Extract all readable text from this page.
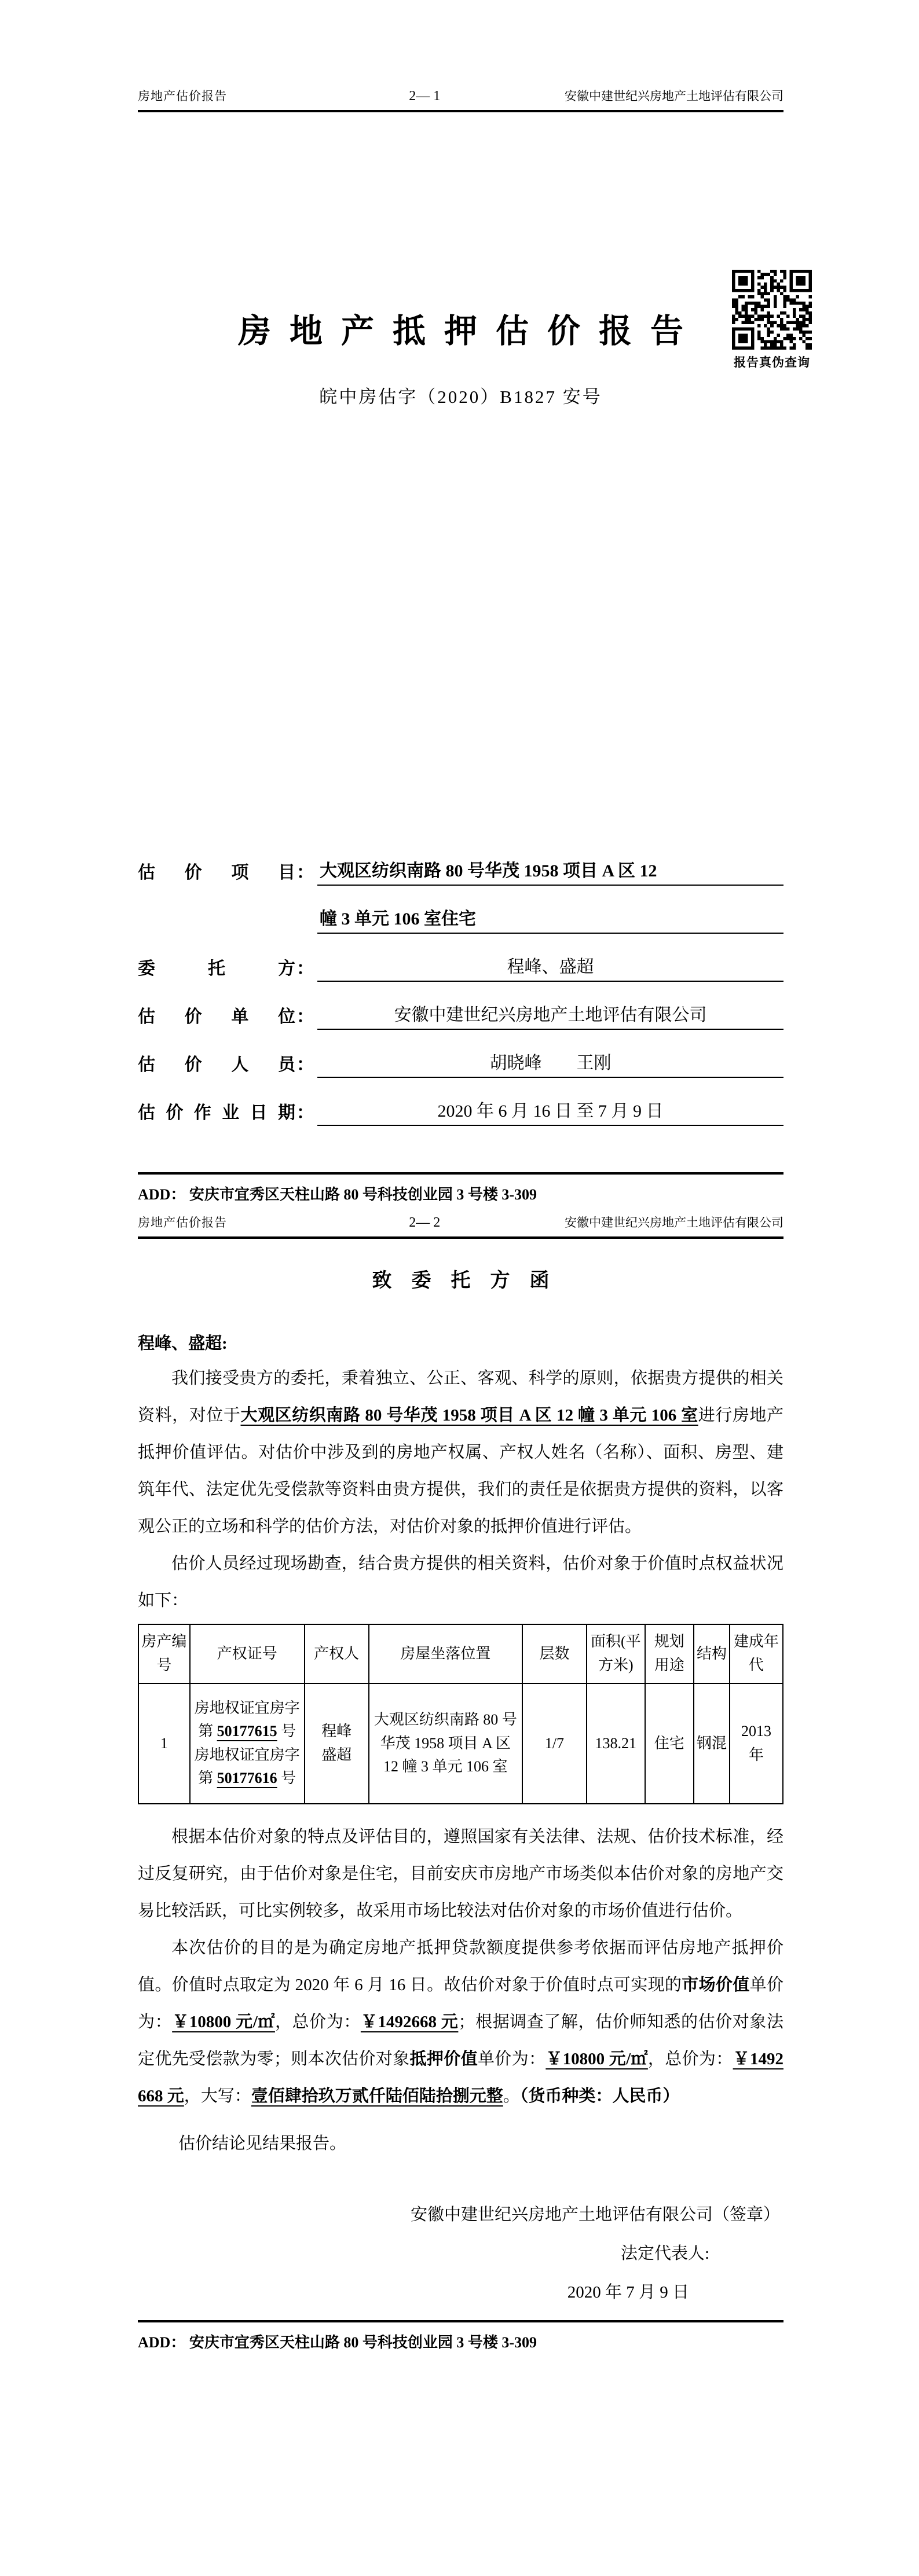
房地产估价报告	2— 1	安徽中建世纪兴房地产土地评估有限公司
报告真伪查询
房地产抵押估价报告
皖中房估字（2020）B1827 安号
估价项目 ： 大观区纺织南路 80 号华茂 1958 项目 A 区 12
幢 3 单元 106 室住宅
委托方 ：	程峰、盛超
估价单位 ：	安徽中建世纪兴房地产土地评估有限公司
估价人员 ：	胡晓峰　　王刚
估价作业日期 ：	2020 年 6 月 16 日 至 7 月 9 日
ADD： 安庆市宜秀区天柱山路 80 号科技创业园 3 号楼 3-309
房地产估价报告	2— 2	安徽中建世纪兴房地产土地评估有限公司
致委托方函
程峰、盛超:

我们接受贵方的委托，秉着独立、公正、客观、科学的原则，依据贵方提供的相关资料，对位于大观区纺织南路 80 号华茂 1958 项目 A 区 12 幢 3 单元 106 室进行房地产抵押价值评估。对估价中涉及到的房地产权属、产权人姓名（名称）、面积、房型、建筑年代、法定优先受偿款等资料由贵方提供，我们的责任是依据贵方提供的资料，以客观公正的立场和科学的估价方法，对估价对象的抵押价值进行评估。

估价人员经过现场勘查，结合贵方提供的相关资料，估价对象于价值时点权益状况如下：

房产编号	产权证号	产权人	房屋坐落位置	层数	面积(平方米)	规划用途	结构	建成年代
1	房地权证宜房字
第 50177615 号
房地权证宜房字
第 50177616 号	程峰
盛超	大观区纺织南路 80 号
华茂 1958 项目 A 区
12 幢 3 单元 106 室	1/7	138.21	住宅	钢混	2013 年

根据本估价对象的特点及评估目的，遵照国家有关法律、法规、估价技术标准，经过反复研究，由于估价对象是住宅，目前安庆市房地产市场类似本估价对象的房地产交易比较活跃，可比实例较多，故采用市场比较法对估价对象的市场价值进行估价。

本次估价的目的是为确定房地产抵押贷款额度提供参考依据而评估房地产抵押价值。价值时点取定为 2020 年 6 月 16 日。故估价对象于价值时点可实现的市场价值单价为：￥10800 元/㎡，总价为：￥1492668 元；根据调查了解，估价师知悉的估价对象法定优先受偿款为零；则本次估价对象抵押价值单价为：￥10800 元/㎡，总价为：￥1492668 元，大写：壹佰肆拾玖万贰仟陆佰陆拾捌元整。（货币种类：人民币）

估价结论见结果报告。

安徽中建世纪兴房地产土地评估有限公司（签章）
法定代表人:
2020 年 7 月 9 日
ADD： 安庆市宜秀区天柱山路 80 号科技创业园 3 号楼 3-309
